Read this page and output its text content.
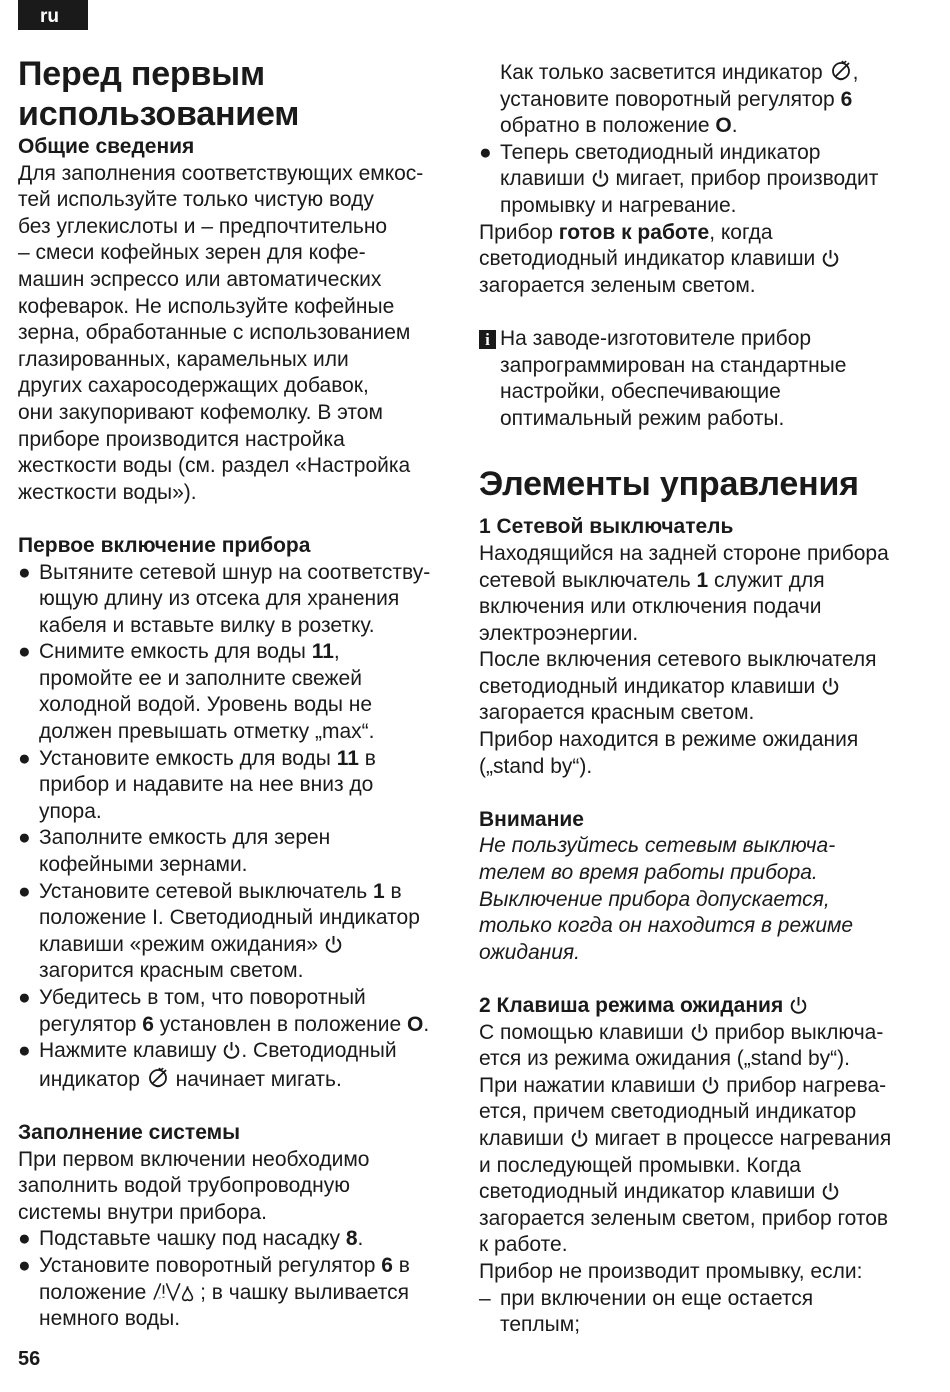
ru
Перед первым
использованием
Общие сведения

Для заполнения соответствующих емкос-

тей используйте только чистую воду

без углекислоты и – предпочтительно

– смеси кофейных зерен для кофе-

машин эспрессо или автоматических

кофеварок. Не используйте кофейные

зерна, обработанные с использованием

глазированных, карамельных или

других сахаросодержащих добавок,

они закупоривают кофемолку. В этом

приборе производится настройка

жесткости воды (см. раздел «Настройка

жесткости воды»).

Первое включение прибора
● Вытяните сетевой шнур на соответству-

ющую длину из отсека для хранения

кабеля и вставьте вилку в розетку.

● Снимите емкость для воды 11,

промойте ее и заполните свежей

холодной водой. Уровень воды не

должен превышать отметку „max“.

● Установите емкость для воды 11 в

прибор и надавите на нее вниз до

упора.

● Заполните емкость для зерен

кофейными зернами.

● Установите сетевой выключатель 1 в

положение I. Светодиодный индикатор

клавиши «режим ожидания»

загорится красным светом.

● Убедитесь в том, что поворотный

регулятор 6 установлен в положение O.

● Нажмите клавишу . Светодиодный

индикатор  начинает мигать.

Заполнение системы

При первом включении необходимо

заполнить водой трубопроводную

системы внутри прибора.

● Подставьте чашку под насадку 8.

● Установите поворотный регулятор 6 в

положение ; в чашку выливается

немного воды.

Как только засветится индикатор ,

установите поворотный регулятор 6

обратно в положение O.

● Теперь светодиодный индикатор

клавиши  мигает, прибор производит

промывку и нагревание.

Прибор готов к работе, когда

светодиодный индикатор клавиши

загорается зеленым светом.

i На заводе-изготовителе прибор

запрограммирован на стандартные

настройки, обеспечивающие

оптимальный режим работы.

Элементы управления
1 Сетевой выключатель

Находящийся на задней стороне прибора

сетевой выключатель 1 служит для

включения или отключения подачи

электроэнергии.

После включения сетевого выключателя

светодиодный индикатор клавиши

загорается красным светом.

Прибор находится в режиме ожидания

(„stand by“).

Внимание

Не пользуйтесь сетевым выключа-

телем во время работы прибора.

Выключение прибора допускается,

только когда он находится в режиме

ожидания.

2 Клавиша режима ожидания

С помощью клавиши  прибор выключа-

ется из режима ожидания („stand by“).

При нажатии клавиши  прибор нагрева-

ется, причем светодиодный индикатор

клавиши  мигает в процессе нагревания

и последующей промывки. Когда

светодиодный индикатор клавиши

загорается зеленым светом, прибор готов

к работе.

Прибор не производит промывку, если:

– при включении он еще остается

теплым;

56
